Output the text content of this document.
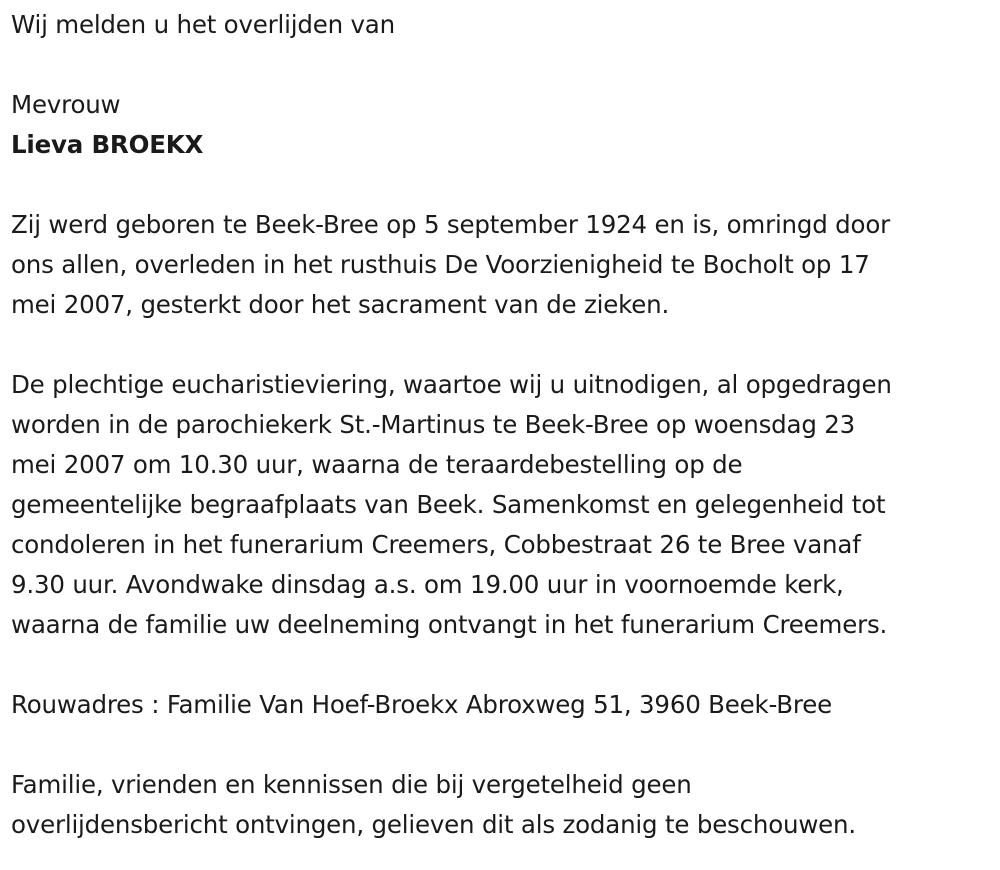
Wij melden u het overlijden van
Mevrouw
Lieva BROEKX
Zij werd geboren te Beek-Bree op 5 september 1924 en is, omringd door
ons allen, overleden in het rusthuis De Voorzienigheid te Bocholt op 17
mei 2007, gesterkt door het sacrament van de zieken.
De plechtige eucharistieviering, waartoe wij u uitnodigen, al opgedragen
worden in de parochiekerk St.-Martinus te Beek-Bree op woensdag 23
mei 2007 om 10.30 uur, waarna de teraardebestelling op de
gemeentelijke begraafplaats van Beek. Samenkomst en gelegenheid tot
condoleren in het funerarium Creemers, Cobbestraat 26 te Bree vanaf
9.30 uur. Avondwake dinsdag a.s. om 19.00 uur in voornoemde kerk,
waarna de familie uw deelneming ontvangt in het funerarium Creemers.
Rouwadres : Familie Van Hoef-Broekx Abroxweg 51, 3960 Beek-Bree
Familie, vrienden en kennissen die bij vergetelheid geen
overlijdensbericht ontvingen, gelieven dit als zodanig te beschouwen.
